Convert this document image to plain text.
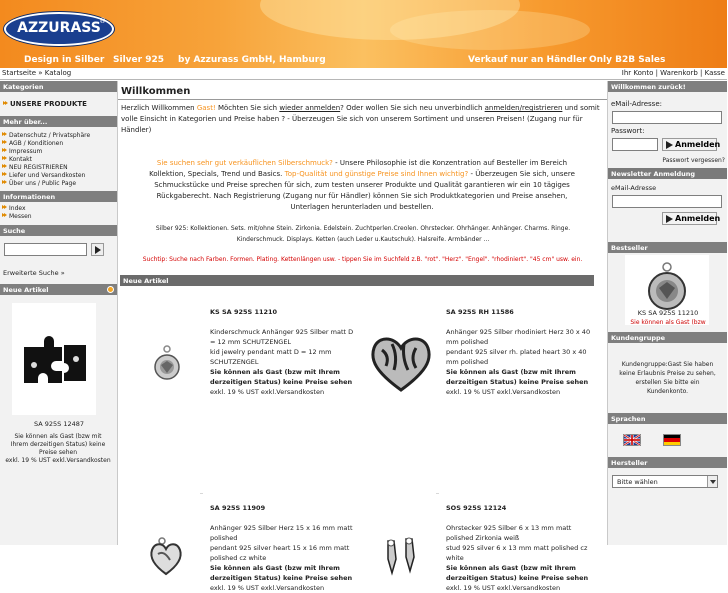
AZZURASS
®
Design in Silber Silver 925 by Azzurass GmbH, Hamburg	Verkauf nur an Händler Only B2B Sales
Startseite » Katalog	Ihr Konto | Warenkorb | Kasse
Kategorien
UNSERE PRODUKTE
Mehr über...
Datenschutz / Privatsphäre
AGB / Konditionen
Impressum
Kontakt
NEU REGISTRIEREN
Liefer und Versandkosten
Über uns / Public Page
Informationen
Index
Messen
Suche
Erweiterte Suche »
Neue Artikel
SA 925S 12487
Sie können als Gast (bzw mit Ihrem derzeitigen Status) keine Preise sehen
exkl. 19 % UST exkl.Versandkosten
Willkommen
Herzlich Willkommen Gast! Möchten Sie sich wieder anmelden? Oder wollen Sie sich neu unverbindlich anmelden/registrieren und somit volle Einsicht in Kategorien und Preise haben ? - Überzeugen Sie sich von unserem Sortiment und unseren Preisen! (Zugang nur für Händler)
Sie suchen sehr gut verkäuflichen Silberschmuck? - Unsere Philosophie ist die Konzentration auf Besteller im Bereich Kollektion, Specials, Trend und Basics. Top-Qualität und günstige Preise sind Ihnen wichtig? - Überzeugen Sie sich, unsere Schmuckstücke und Preise sprechen für sich, zum testen unserer Produkte und Qualität garantieren wir ein 10 tägiges Rückgaberecht. Nach Registrierung (Zugang nur für Händler) können Sie sich Produktkategorien und Preise ansehen, Unterlagen herunterladen und bestellen.
Silber 925: Kollektionen. Sets. mit/ohne Stein. Zirkonia. Edelstein. Zuchtperlen.Creolen. Ohrstecker. Ohrhänger. Anhänger. Charms. Ringe. Kinderschmuck. Displays. Ketten (auch Leder u.Kautschuk). Halsreife. Armbänder ...
Suchtip: Suche nach Farben. Formen. Plating. Kettenlängen usw. - tippen Sie im Suchfeld z.B. "rot". "Herz". "Engel". "rhodiniert". "45 cm" usw. ein.
Neue Artikel
KS SA 925S 11210
Kinderschmuck Anhänger 925 Silber matt D = 12 mm SCHUTZENGEL
kid jewelry pendant matt D = 12 mm SCHUTZENGEL
Sie können als Gast (bzw mit Ihrem derzeitigen Status) keine Preise sehen
exkl. 19 % UST exkl.Versandkosten
SA 925S RH 11586
Anhänger 925 Silber rhodiniert Herz 30 x 40 mm polished
pendant 925 silver rh. plated heart 30 x 40 mm polished
Sie können als Gast (bzw mit Ihrem derzeitigen Status) keine Preise sehen
exkl. 19 % UST exkl.Versandkosten
SA 925S 11909
Anhänger 925 Silber Herz 15 x 16 mm matt polished
pendant 925 silver heart 15 x 16 mm matt polished cz white
Sie können als Gast (bzw mit Ihrem derzeitigen Status) keine Preise sehen
exkl. 19 % UST exkl.Versandkosten
SOS 925S 12124
Ohrstecker 925 Silber 6 x 13 mm matt polished Zirkonia weiß
stud 925 silver 6 x 13 mm matt polished cz white
Sie können als Gast (bzw mit Ihrem derzeitigen Status) keine Preise sehen
exkl. 19 % UST exkl.Versandkosten
Willkommen zurück!
eMail-Adresse:
Passwort:
Anmelden
Passwort vergessen?
Newsletter Anmeldung
eMail-Adresse
Anmelden
Bestseller
KS SA 925S 11210
Sie können als Gast (bzw
Kundengruppe
Kundengruppe:Gast Sie haben keine Erlaubnis Preise zu sehen, erstellen Sie bitte ein Kundenkonto.
Sprachen
Hersteller
Bitte wählen
